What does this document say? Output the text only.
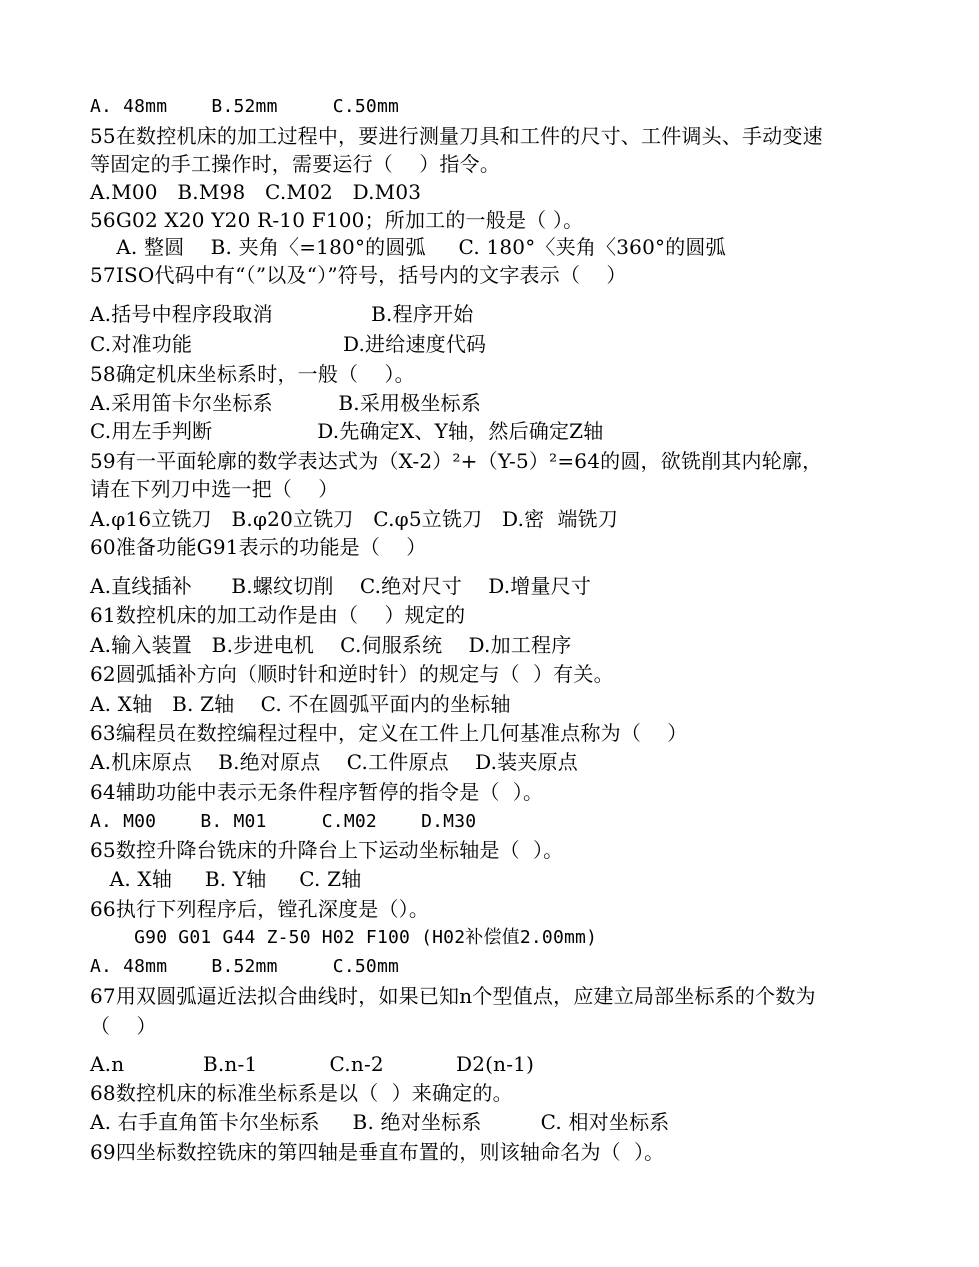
A. 48mm    B.52mm     C.50mm
55在数控机床的加工过程中，要进行测量刀具和工件的尺寸、工件调头、手动变速
等固定的手工操作时，需要运行（    ）指令。
A.M00   B.M98   C.M02   D.M03
56G02 X20 Y20 R-10 F100；所加工的一般是（ ）。
A. 整圆    B. 夹角〈=180°的圆弧     C. 180°〈夹角〈360°的圆弧
57ISO代码中有“（”以及“）”符号，括号内的文字表示（    ）
A.括号中程序段取消               B.程序开始
C.对准功能                       D.进给速度代码
58确定机床坐标系时，一般（    ）。
A.采用笛卡尔坐标系          B.采用极坐标系
C.用左手判断                D.先确定X、Y轴，然后确定Z轴
59有一平面轮廓的数学表达式为（X-2）²+（Y-5）²=64的圆，欲铣削其内轮廓，
请在下列刀中选一把（    ）
A.φ16立铣刀   B.φ20立铣刀   C.φ5立铣刀   D.密  端铣刀
60准备功能G91表示的功能是（    ）
A.直线插补      B.螺纹切削    C.绝对尺寸    D.增量尺寸
61数控机床的加工动作是由（    ）规定的
A.输入装置   B.步进电机    C.伺服系统    D.加工程序
62圆弧插补方向（顺时针和逆时针）的规定与（  ）有关。
A. X轴   B. Z轴    C. 不在圆弧平面内的坐标轴
63编程员在数控编程过程中，定义在工件上几何基准点称为（    ）
A.机床原点    B.绝对原点    C.工件原点    D.装夹原点
64辅助功能中表示无条件程序暂停的指令是（  ）。
A. M00    B. M01     C.M02    D.M30
65数控升降台铣床的升降台上下运动坐标轴是（  ）。
A. X轴     B. Y轴     C. Z轴
66执行下列程序后，镗孔深度是（）。
G90 G01 G44 Z-50 H02 F100 (H02补偿值2.00mm)
A. 48mm    B.52mm     C.50mm
67用双圆弧逼近法拟合曲线时，如果已知n个型值点，应建立局部坐标系的个数为
（    ）
A.n            B.n-1           C.n-2           D2(n-1)
68数控机床的标准坐标系是以（  ）来确定的。
A. 右手直角笛卡尔坐标系     B. 绝对坐标系         C. 相对坐标系
69四坐标数控铣床的第四轴是垂直布置的，则该轴命名为（  ）。
